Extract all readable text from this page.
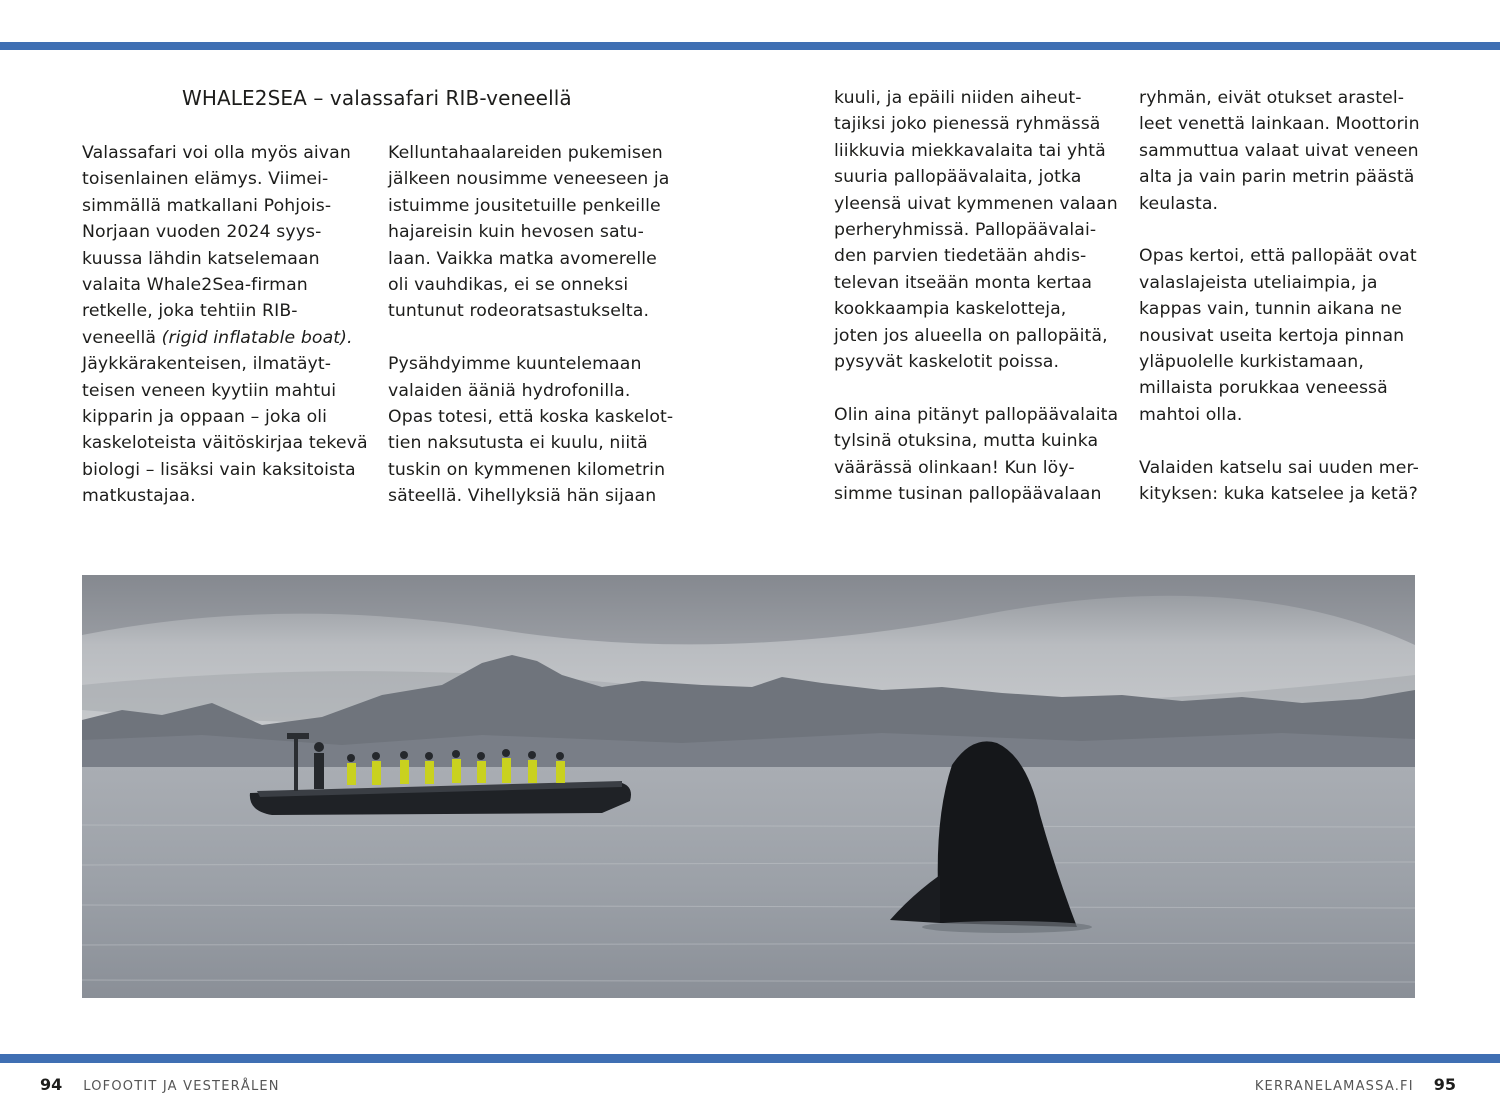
WHALE2SEA – valassafari RIB-veneellä

Valassafari voi olla myös aivan
toisenlainen elämys. Viimei-
simmällä matkallani Pohjois-
Norjaan vuoden 2024 syys-
kuussa lähdin katselemaan
valaita Whale2Sea-firman
retkelle, joka tehtiin RIB-
veneellä (rigid inflatable boat).
Jäykkärakenteisen, ilmatäyt-
teisen veneen kyytiin mahtui
kipparin ja oppaan – joka oli
kaskeloteista väitöskirjaa tekevä
biologi – lisäksi vain kaksitoista
matkustajaa.

Kelluntahaalareiden pukemisen
jälkeen nousimme veneeseen ja
istuimme jousitetuille penkeille
hajareisin kuin hevosen satu-
laan. Vaikka matka avomerelle
oli vauhdikas, ei se onneksi
tuntunut rodeoratsastukselta.

Pysähdyimme kuuntelemaan
valaiden ääniä hydrofonilla.
Opas totesi, että koska kaskelot-
tien naksutusta ei kuulu, niitä
tuskin on kymmenen kilometrin
säteellä. Vihellyksiä hän sijaan

kuuli, ja epäili niiden aiheut-
tajiksi joko pienessä ryhmässä
liikkuvia miekkavalaita tai yhtä
suuria pallopäävalaita, jotka
yleensä uivat kymmenen valaan
perheryhmissä. Pallopäävalai-
den parvien tiedetään ahdis-
televan itseään monta kertaa
kookkaampia kaskelotteja,
joten jos alueella on pallopäitä,
pysyvät kaskelotit poissa.

Olin aina pitänyt pallopäävalaita
tylsinä otuksina, mutta kuinka
väärässä olinkaan! Kun löy-
simme tusinan pallopäävalaan

ryhmän, eivät otukset arastel-
leet venettä lainkaan. Moottorin
sammuttua valaat uivat veneen
alta ja vain parin metrin päästä
keulasta.

Opas kertoi, että pallopäät ovat
valaslajeista uteliaimpia, ja
kappas vain, tunnin aikana ne
nousivat useita kertoja pinnan
yläpuolelle kurkistamaan,
millaista porukkaa veneessä
mahtoi olla.

Valaiden katselu sai uuden mer-
kityksen: kuka katselee ja ketä?

94 LOFOOTIT JA VESTERÅLEN	KERRANELAMASSA.FI 95
